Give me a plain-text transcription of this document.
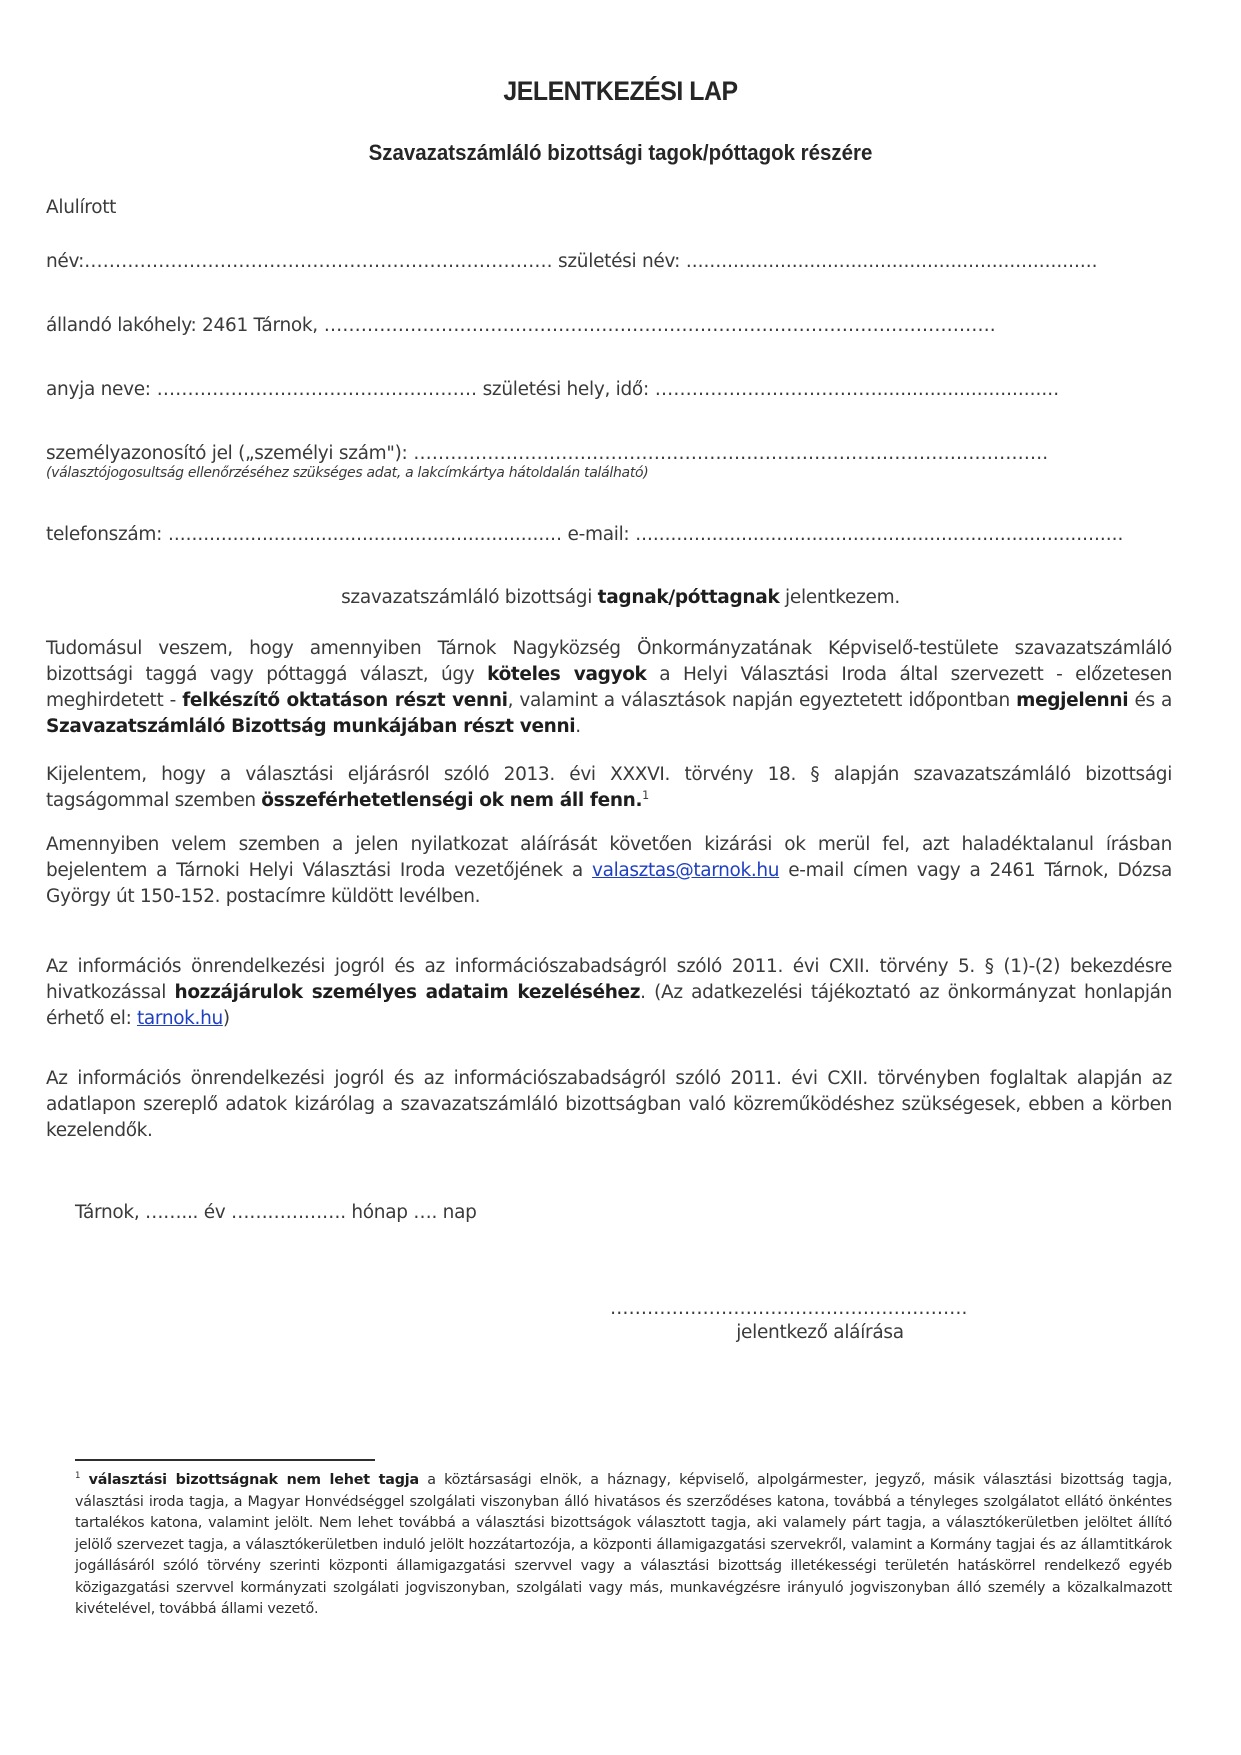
JELENTKEZÉSI LAP
Szavazatszámláló bizottsági tagok/póttagok részére
Alulírott
név:…………………………………………………………………. születési név: ......................................................................
állandó lakóhely: 2461 Tárnok, ……………………………………………………………………………………………….
anyja neve: ……………………………………………. születési hely, idő: ………………………………...............................
személyazonosító jel („személyi szám"): ………………………………………………………………………………………….
(választójogosultság ellenőrzéséhez szükséges adat, a lakcímkártya hátoldalán található)
telefonszám: ................................................................... e-mail: ...................................................................................
szavazatszámláló bizottsági tagnak/póttagnak jelentkezem.
Tudomásul veszem, hogy amennyiben Tárnok Nagyközség Önkormányzatának Képviselő-testülete szavazatszámláló bizottsági taggá vagy póttaggá választ, úgy köteles vagyok a Helyi Választási Iroda által szervezett - előzetesen meghirdetett - felkészítő oktatáson részt venni, valamint a választások napján egyeztetett időpontban megjelenni és a Szavazatszámláló Bizottság munkájában részt venni.
Kijelentem, hogy a választási eljárásról szóló 2013. évi XXXVI. törvény 18. § alapján szavazatszámláló bizottsági tagságommal szemben összeférhetetlenségi ok nem áll fenn.$^1$
Amennyiben velem szemben a jelen nyilatkozat aláírását követően kizárási ok merül fel, azt haladéktalanul írásban bejelentem a Tárnoki Helyi Választási Iroda vezetőjének a valasztas@tarnok.hu e-mail címen vagy a 2461 Tárnok, Dózsa György út 150-152. postacímre küldött levélben.
Az információs önrendelkezési jogról és az információszabadságról szóló 2011. évi CXII. törvény 5. § (1)-(2) bekezdésre hivatkozással hozzájárulok személyes adataim kezeléséhez. (Az adatkezelési tájékoztató az önkormányzat honlapján érhető el: tarnok.hu)
Az információs önrendelkezési jogról és az információszabadságról szóló 2011. évi CXII. törvényben foglaltak alapján az adatlapon szereplő adatok kizárólag a szavazatszámláló bizottságban való közreműködéshez szükségesek, ebben a körben kezelendők.
Tárnok, ……... év ………………. hónap …. nap
………………………………………………….
jelentkező aláírása
$^1$ választási bizottságnak nem lehet tagja a köztársasági elnök, a háznagy, képviselő, alpolgármester, jegyző, másik választási bizottság tagja, választási iroda tagja, a Magyar Honvédséggel szolgálati viszonyban álló hivatásos és szerződéses katona, továbbá a tényleges szolgálatot ellátó önkéntes tartalékos katona, valamint jelölt. Nem lehet továbbá a választási bizottságok választott tagja, aki valamely párt tagja, a választókerületben jelöltet állító jelölő szervezet tagja, a választókerületben induló jelölt hozzátartozója, a központi államigazgatási szervekről, valamint a Kormány tagjai és az államtitkárok jogállásáról szóló törvény szerinti központi államigazgatási szervvel vagy a választási bizottság illetékességi területén hatáskörrel rendelkező egyéb közigazgatási szervvel kormányzati szolgálati jogviszonyban, szolgálati vagy más, munkavégzésre irányuló jogviszonyban álló személy a közalkalmazott kivételével, továbbá állami vezető.
